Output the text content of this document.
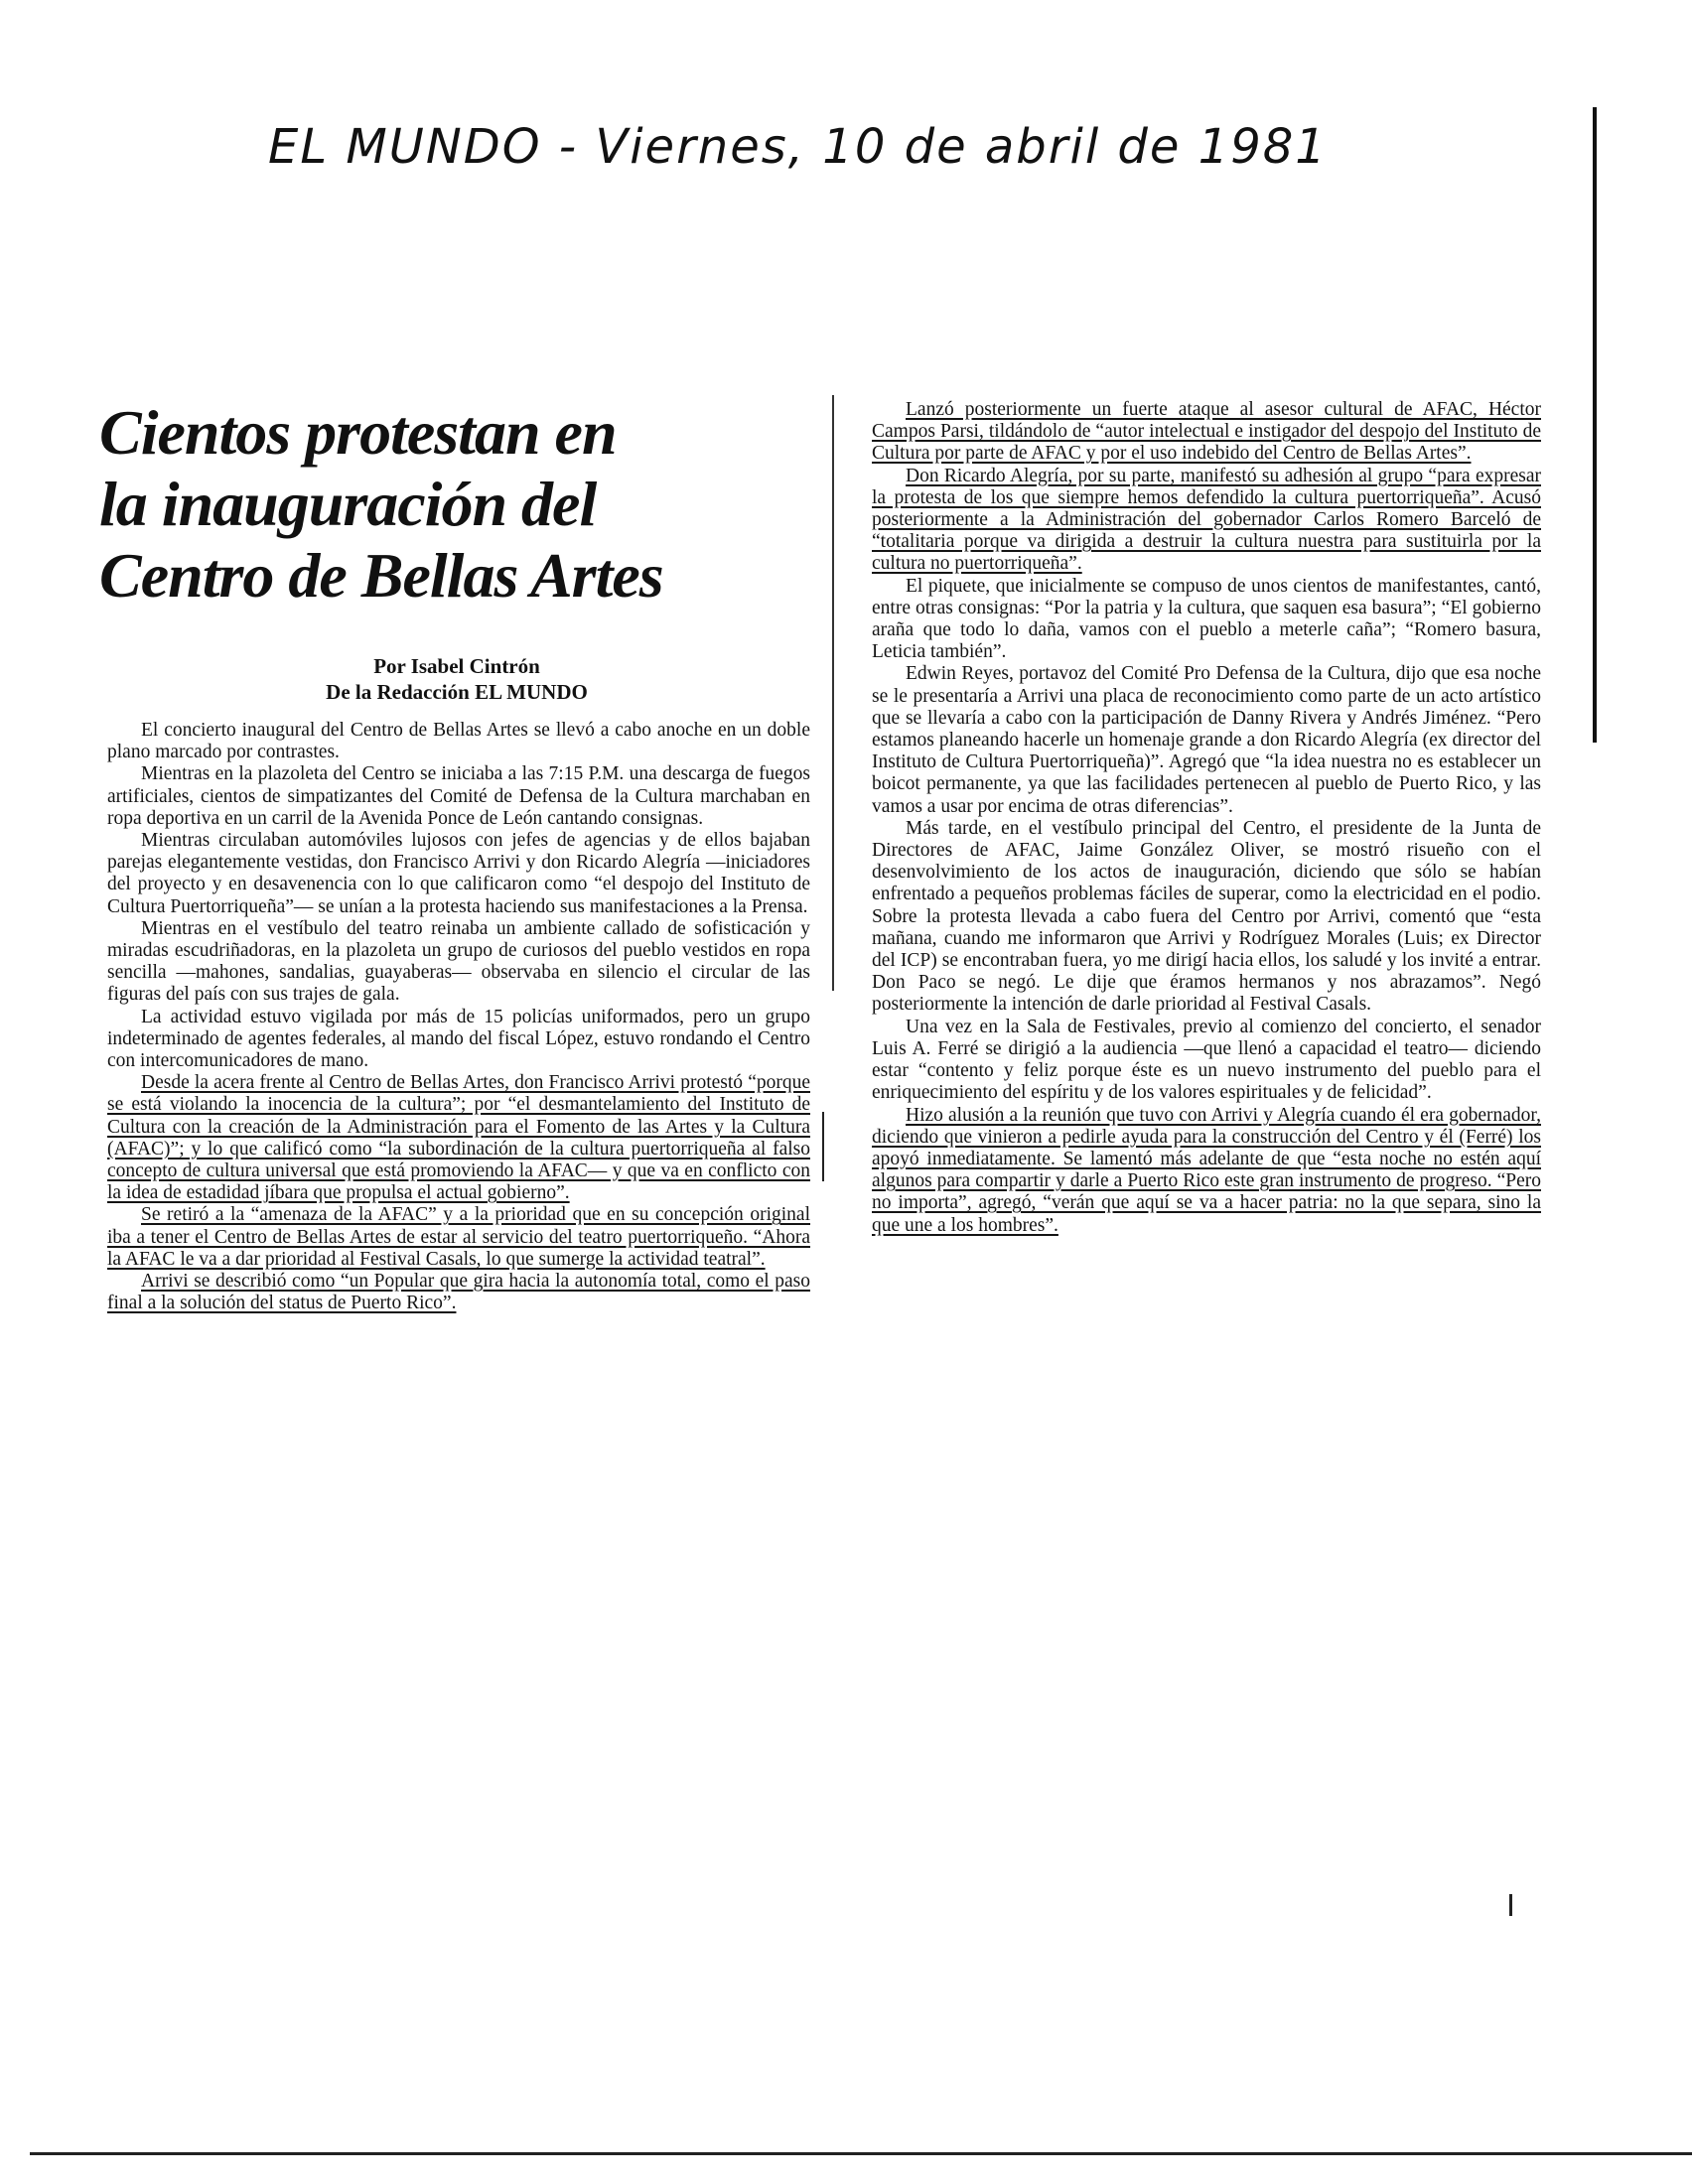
EL MUNDO - Viernes, 10 de abril de 1981
Cientos protestan en
la inauguración del
Centro de Bellas Artes
Por Isabel Cintrón
De la Redacción EL MUNDO

El concierto inaugural del Centro de Bellas Artes se llevó a cabo anoche en un doble plano marcado por contrastes.

Mientras en la plazoleta del Centro se iniciaba a las 7:15 P.M. una descarga de fuegos artificiales, cientos de simpatizantes del Comité de Defensa de la Cultura marchaban en ropa deportiva en un carril de la Avenida Ponce de León cantando consignas.

Mientras circulaban automóviles lujosos con jefes de agencias y de ellos bajaban parejas elegantemente vestidas, don Francisco Arrivi y don Ricardo Alegría —iniciadores del proyecto y en desavenencia con lo que calificaron como “el despojo del Instituto de Cultura Puertorriqueña”— se unían a la protesta haciendo sus manifestaciones a la Prensa.

Mientras en el vestíbulo del teatro reinaba un ambiente callado de sofisticación y miradas escudriñadoras, en la plazoleta un grupo de curiosos del pueblo vestidos en ropa sencilla —mahones, sandalias, guayaberas— observaba en silencio el circular de las figuras del país con sus trajes de gala.

La actividad estuvo vigilada por más de 15 policías uniformados, pero un grupo indeterminado de agentes federales, al mando del fiscal López, estuvo rondando el Centro con intercomunicadores de mano.

Desde la acera frente al Centro de Bellas Artes, don Francisco Arrivi protestó “porque se está violando la inocencia de la cultura”; por “el desmantelamiento del Instituto de Cultura con la creación de la Administración para el Fomento de las Artes y la Cultura (AFAC)”; y lo que calificó como “la subordinación de la cultura puertorriqueña al falso concepto de cultura universal que está promoviendo la AFAC— y que va en conflicto con la idea de estadidad jíbara que propulsa el actual gobierno”.

Se retiró a la “amenaza de la AFAC” y a la prioridad que en su concepción original iba a tener el Centro de Bellas Artes de estar al servicio del teatro puertorriqueño. “Ahora la AFAC le va a dar prioridad al Festival Casals, lo que sumerge la actividad teatral”.

Arrivi se describió como “un Popular que gira hacia la autonomía total, como el paso final a la solución del status de Puerto Rico”.

Lanzó posteriormente un fuerte ataque al asesor cultural de AFAC, Héctor Campos Parsi, tildándolo de “autor intelectual e instigador del despojo del Instituto de Cultura por parte de AFAC y por el uso indebido del Centro de Bellas Artes”.

Don Ricardo Alegría, por su parte, manifestó su adhesión al grupo “para expresar la protesta de los que siempre hemos defendido la cultura puertorriqueña”. Acusó posteriormente a la Administración del gobernador Carlos Romero Barceló de “totalitaria porque va dirigida a destruir la cultura nuestra para sustituirla por la cultura no puertorriqueña”.

El piquete, que inicialmente se compuso de unos cientos de manifestantes, cantó, entre otras consignas: “Por la patria y la cultura, que saquen esa basura”; “El gobierno araña que todo lo daña, vamos con el pueblo a meterle caña”; “Romero basura, Leticia también”.

Edwin Reyes, portavoz del Comité Pro Defensa de la Cultura, dijo que esa noche se le presentaría a Arrivi una placa de reconocimiento como parte de un acto artístico que se llevaría a cabo con la participación de Danny Rivera y Andrés Jiménez. “Pero estamos planeando hacerle un homenaje grande a don Ricardo Alegría (ex director del Instituto de Cultura Puertorriqueña)”. Agregó que “la idea nuestra no es establecer un boicot permanente, ya que las facilidades pertenecen al pueblo de Puerto Rico, y las vamos a usar por encima de otras diferencias”.

Más tarde, en el vestíbulo principal del Centro, el presidente de la Junta de Directores de AFAC, Jaime González Oliver, se mostró risueño con el desenvolvimiento de los actos de inauguración, diciendo que sólo se habían enfrentado a pequeños problemas fáciles de superar, como la electricidad en el podio. Sobre la protesta llevada a cabo fuera del Centro por Arrivi, comentó que “esta mañana, cuando me informaron que Arrivi y Rodríguez Morales (Luis; ex Director del ICP) se encontraban fuera, yo me dirigí hacia ellos, los saludé y los invité a entrar. Don Paco se negó. Le dije que éramos hermanos y nos abrazamos”. Negó posteriormente la intención de darle prioridad al Festival Casals.

Una vez en la Sala de Festivales, previo al comienzo del concierto, el senador Luis A. Ferré se dirigió a la audiencia —que llenó a capacidad el teatro— diciendo estar “contento y feliz porque éste es un nuevo instrumento del pueblo para el enriquecimiento del espíritu y de los valores espirituales y de felicidad”.

Hizo alusión a la reunión que tuvo con Arrivi y Alegría cuando él era gobernador, diciendo que vinieron a pedirle ayuda para la construcción del Centro y él (Ferré) los apoyó inmediatamente. Se lamentó más adelante de que “esta noche no estén aquí algunos para compartir y darle a Puerto Rico este gran instrumento de progreso. “Pero no importa”, agregó, “verán que aquí se va a hacer patria: no la que separa, sino la que une a los hombres”.
